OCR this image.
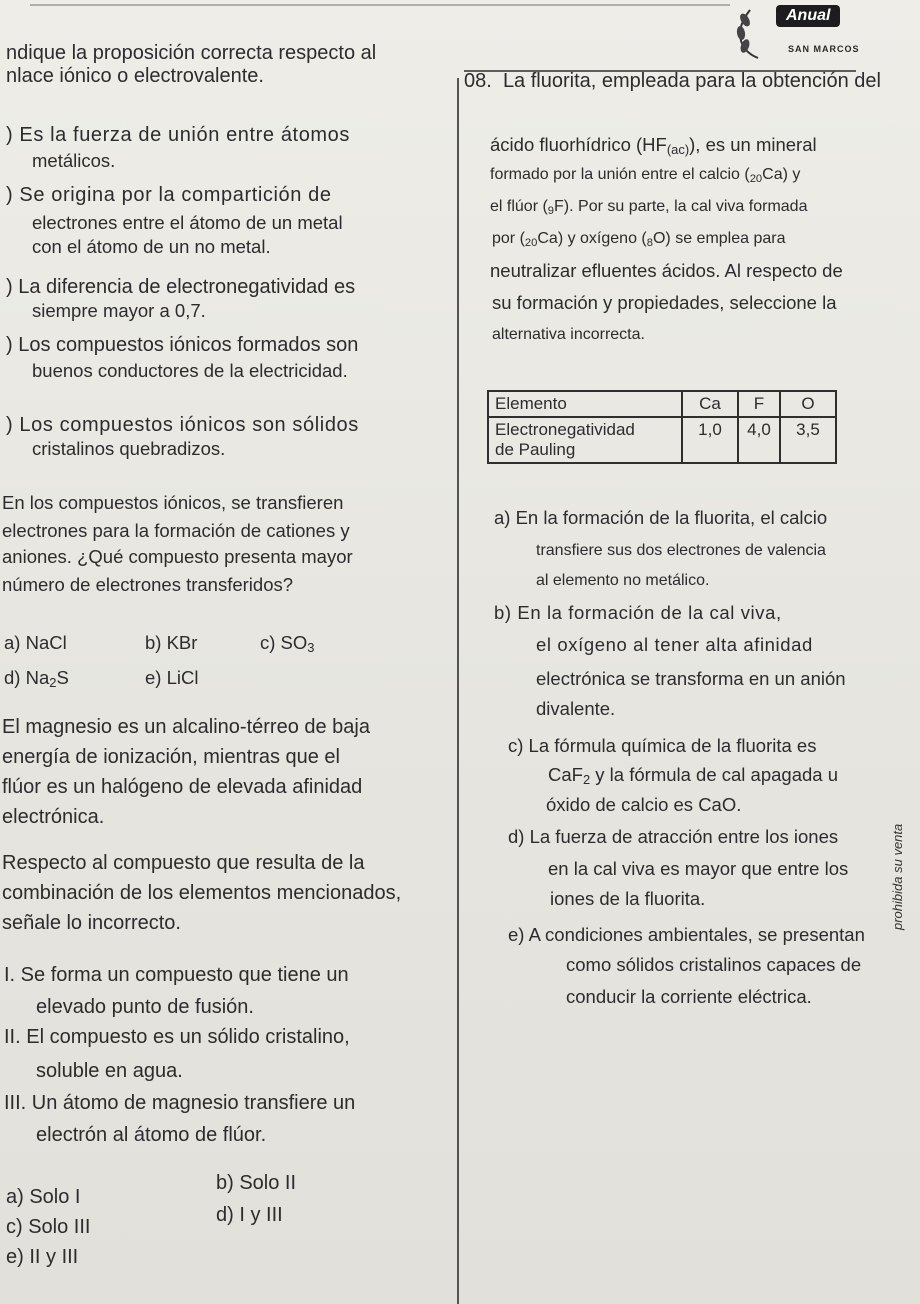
Anual
SAN MARCOS
ndique la proposición correcta respecto al
nlace iónico o electrovalente.
) Es la fuerza de unión entre átomos
metálicos.
) Se origina por la compartición de
electrones entre el átomo de un metal
con el átomo de un no metal.
) La diferencia de electronegatividad es
siempre mayor a 0,7.
) Los compuestos iónicos formados son
buenos conductores de la electricidad.
) Los compuestos iónicos son sólidos
cristalinos quebradizos.
En los compuestos iónicos, se transfieren
electrones para la formación de cationes y
aniones. ¿Qué compuesto presenta mayor
número de electrones transferidos?
a) NaCl	b) KBr	c) $SO_3$
d) $Na_2S$	e) LiCl
El magnesio es un alcalino-térreo de baja
energía de ionización, mientras que el
flúor es un halógeno de elevada afinidad
electrónica.
Respecto al compuesto que resulta de la
combinación de los elementos mencionados,
señale lo incorrecto.
I. Se forma un compuesto que tiene un
elevado punto de fusión.
II. El compuesto es un sólido cristalino,
soluble en agua.
III. Un átomo de magnesio transfiere un
electrón al átomo de flúor.
a) Solo I
b) Solo II
c) Solo III
d) I y III
e) II y III
08. La fluorita, empleada para la obtención del
ácido fluorhídrico $(HF_{(ac)})$, es un mineral
formado por la unión entre el calcio $(_{20}Ca)$ y
el flúor $(_9F)$. Por su parte, la cal viva formada
por $(_{20}Ca)$ y oxígeno $(_8O)$ se emplea para
neutralizar efluentes ácidos. Al respecto de
su formación y propiedades, seleccione la
alternativa incorrecta.
Elemento	Ca	F	O

Electronegatividad
de Pauling	1,0	4,0	3,5
a) En la formación de la fluorita, el calcio
transfiere sus dos electrones de valencia
al elemento no metálico.
b) En la formación de la cal viva,
el oxígeno al tener alta afinidad
electrónica se transforma en un anión
divalente.
c) La fórmula química de la fluorita es
CaF$_2$ y la fórmula de cal apagada u
óxido de calcio es CaO.
d) La fuerza de atracción entre los iones
en la cal viva es mayor que entre los
iones de la fluorita.
e) A condiciones ambientales, se presentan
como sólidos cristalinos capaces de
conducir la corriente eléctrica.
prohibida su venta
